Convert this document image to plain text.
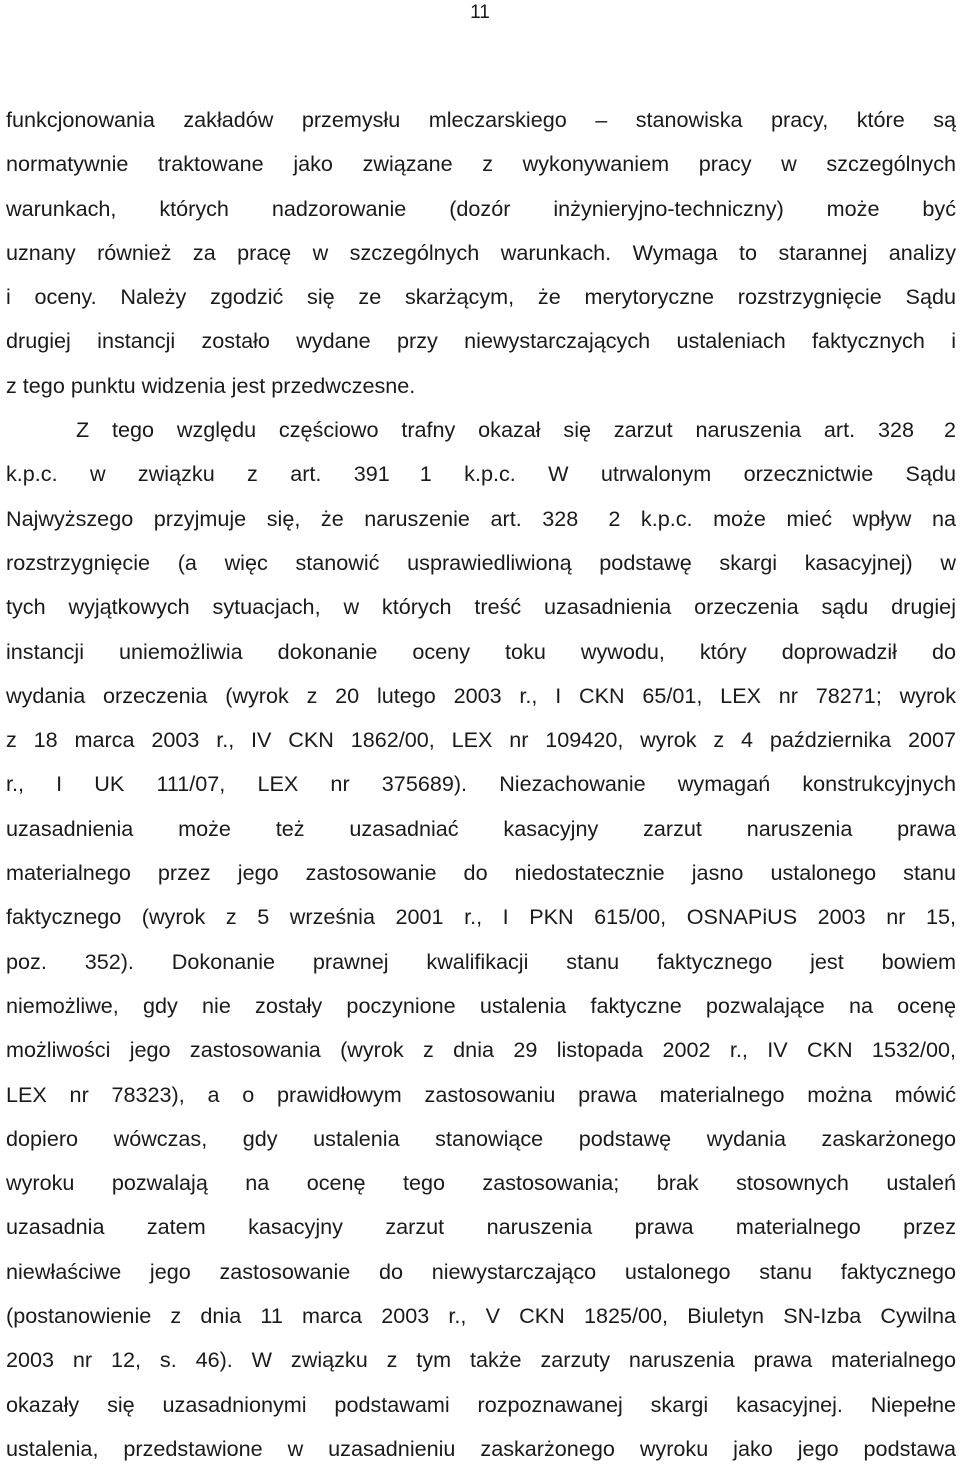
11
funkcjonowania zakładów przemysłu mleczarskiego – stanowiska pracy, które są
normatywnie traktowane jako związane z wykonywaniem pracy w szczególnych
warunkach, których nadzorowanie (dozór inżynieryjno-techniczny) może być
uznany również za pracę w szczególnych warunkach. Wymaga to starannej analizy
i oceny. Należy zgodzić się ze skarżącym, że merytoryczne rozstrzygnięcie Sądu
drugiej instancji zostało wydane przy niewystarczających ustaleniach faktycznych i
z tego punktu widzenia jest przedwczesne.
Z tego względu częściowo trafny okazał się zarzut naruszenia art. 328 2
k.p.c. w związku z art. 391 1 k.p.c. W utrwalonym orzecznictwie Sądu
Najwyższego przyjmuje się, że naruszenie art. 328 2 k.p.c. może mieć wpływ na
rozstrzygnięcie (a więc stanowić usprawiedliwioną podstawę skargi kasacyjnej) w
tych wyjątkowych sytuacjach, w których treść uzasadnienia orzeczenia sądu drugiej
instancji uniemożliwia dokonanie oceny toku wywodu, który doprowadził do
wydania orzeczenia (wyrok z 20 lutego 2003 r., I CKN 65/01, LEX nr 78271; wyrok
z 18 marca 2003 r., IV CKN 1862/00, LEX nr 109420, wyrok z 4 października 2007
r., I UK 111/07, LEX nr 375689). Niezachowanie wymagań konstrukcyjnych
uzasadnienia może też uzasadniać kasacyjny zarzut naruszenia prawa
materialnego przez jego zastosowanie do niedostatecznie jasno ustalonego stanu
faktycznego (wyrok z 5 września 2001 r., I PKN 615/00, OSNAPiUS 2003 nr 15,
poz. 352). Dokonanie prawnej kwalifikacji stanu faktycznego jest bowiem
niemożliwe, gdy nie zostały poczynione ustalenia faktyczne pozwalające na ocenę
możliwości jego zastosowania (wyrok z dnia 29 listopada 2002 r., IV CKN 1532/00,
LEX nr 78323), a o prawidłowym zastosowaniu prawa materialnego można mówić
dopiero wówczas, gdy ustalenia stanowiące podstawę wydania zaskarżonego
wyroku pozwalają na ocenę tego zastosowania; brak stosownych ustaleń
uzasadnia zatem kasacyjny zarzut naruszenia prawa materialnego przez
niewłaściwe jego zastosowanie do niewystarczająco ustalonego stanu faktycznego
(postanowienie z dnia 11 marca 2003 r., V CKN 1825/00, Biuletyn SN-Izba Cywilna
2003 nr 12, s. 46). W związku z tym także zarzuty naruszenia prawa materialnego
okazały się uzasadnionymi podstawami rozpoznawanej skargi kasacyjnej. Niepełne
ustalenia, przedstawione w uzasadnieniu zaskarżonego wyroku jako jego podstawa
